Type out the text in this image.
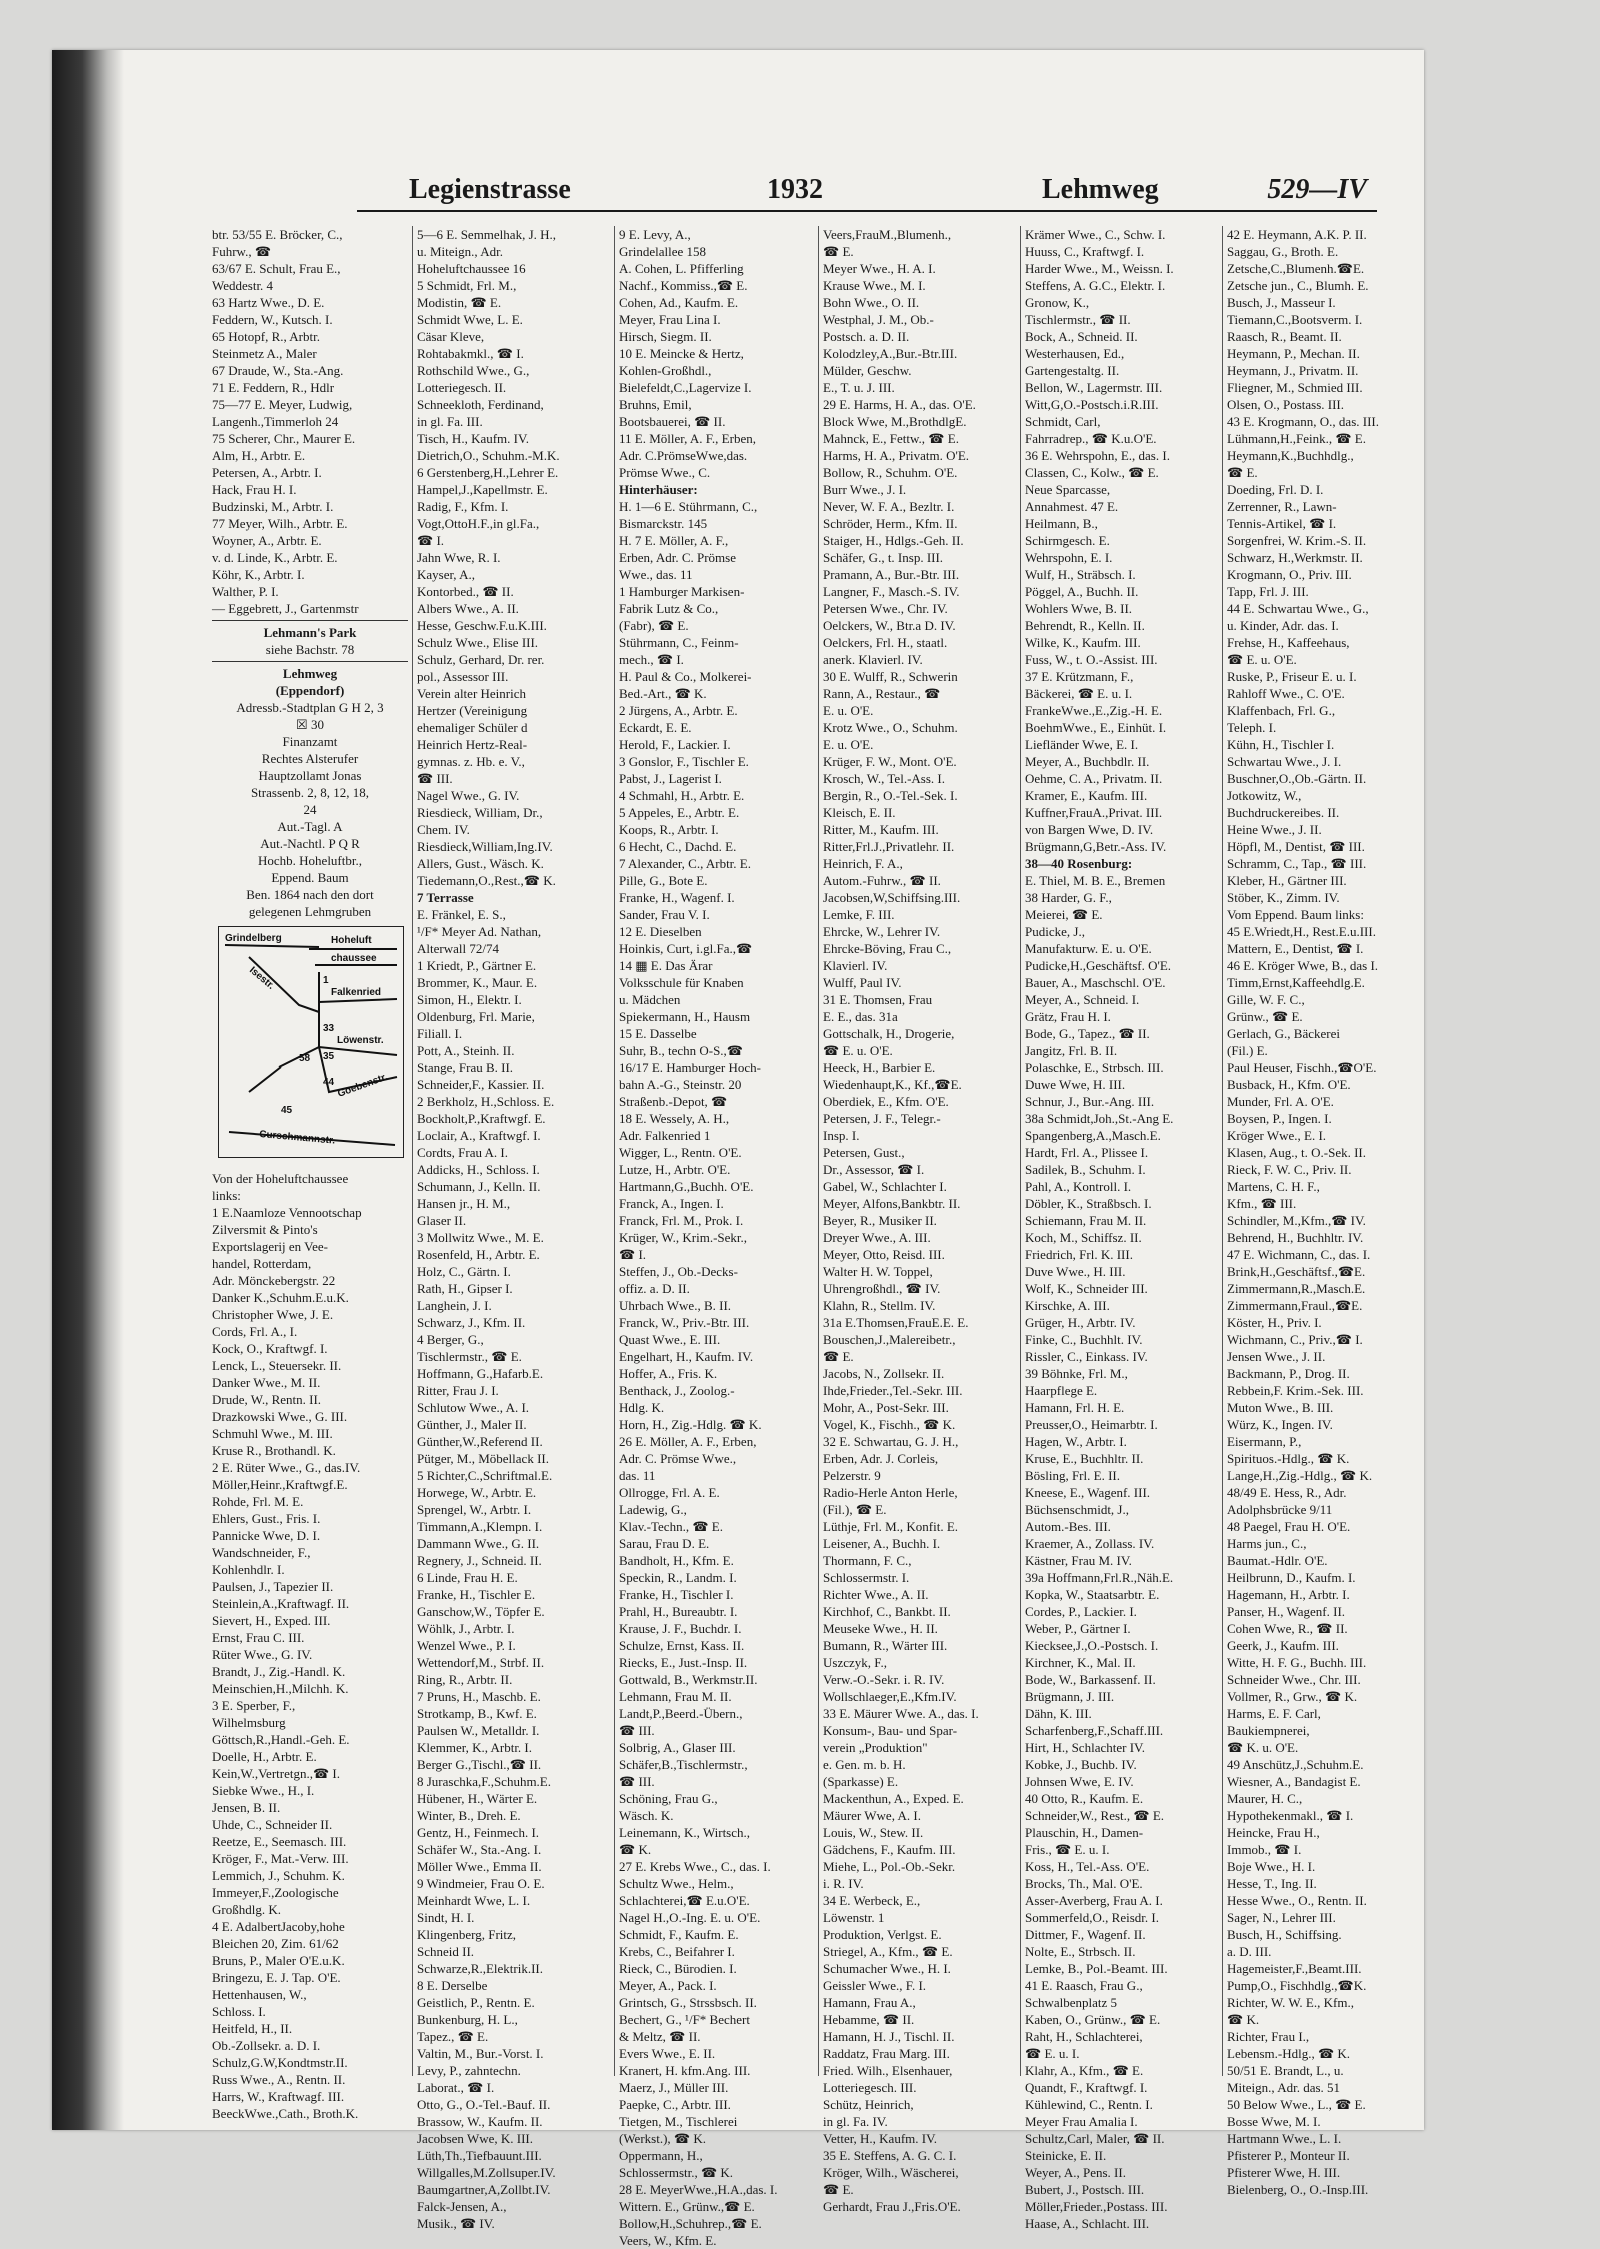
Legienstrasse	1932	Lehmweg	529—IV
btr. 53/55 E. Bröcker, C.,
Fuhrw., ☎
63/67 E. Schult, Frau E.,
Weddestr. 4
63 Hartz Wwe., D. E.
Feddern, W., Kutsch. I.
65 Hotopf, R., Arbtr.
Steinmetz A., Maler
67 Draude, W., Sta.-Ang.
71 E. Feddern, R., Hdlr
75—77 E. Meyer, Ludwig,
Langenh.,Timmerloh 24
75 Scherer, Chr., Maurer E.
Alm, H., Arbtr. E.
Petersen, A., Arbtr. I.
Hack, Frau H. I.
Budzinski, M., Arbtr. I.
77 Meyer, Wilh., Arbtr. E.
Woyner, A., Arbtr. E.
v. d. Linde, K., Arbtr. E.
Köhr, K., Arbtr. I.
Walther, P. I.
— Eggebrett, J., Gartenmstr
Lehmann's Park
siehe Bachstr. 78
Lehmweg
(Eppendorf)
Adressb.-Stadtplan G H 2, 3
☒ 30
Finanzamt
Rechtes Alsterufer
Hauptzollamt Jonas
Strassenb. 2, 8, 12, 18,
24
Aut.-Tagl. A
Aut.-Nachtl. P Q R
Hochb. Hoheluftbr.,
Eppend. Baum
Ben. 1864 nach den dort
gelegenen Lehmgruben
Grindelberg	Hoheluft
chaussee
Falkenried
Isestr.
Löwenstr.
Goebenstr.
Curschmannstr.
33
35
58
44
45
1
Von der Hoheluftchaussee
links:
1 E.Naamloze Vennootschap
Zilversmit & Pinto's
Exportslagerij en Vee-
handel, Rotterdam,
Adr. Mönckebergstr. 22
Danker K.,Schuhm.E.u.K.
Christopher Wwe, J. E.
Cords, Frl. A., I.
Kock, O., Kraftwgf. I.
Lenck, L., Steuersekr. II.
Danker Wwe., M. II.
Drude, W., Rentn. II.
Drazkowski Wwe., G. III.
Schmuhl Wwe., M. III.
Kruse R., Brothandl. K.
2 E. Rüter Wwe., G., das.IV.
Möller,Heinr.,Kraftwgf.E.
Rohde, Frl. M. E.
Ehlers, Gust., Fris. I.
Pannicke Wwe, D. I.
Wandschneider, F.,
Kohlenhdlr. I.
Paulsen, J., Tapezier II.
Steinlein,A.,Kraftwagf. II.
Sievert, H., Exped. III.
Ernst, Frau C. III.
Rüter Wwe., G. IV.
Brandt, J., Zig.-Handl. K.
Meinschien,H.,Milchh. K.
3 E. Sperber, F.,
Wilhelmsburg
Göttsch,R.,Handl.-Geh. E.
Doelle, H., Arbtr. E.
Kein,W.,Vertretgn.,☎ I.
Siebke Wwe., H., I.
Jensen, B. II.
Uhde, C., Schneider II.
Reetze, E., Seemasch. III.
Kröger, F., Mat.-Verw. III.
Lemmich, J., Schuhm. K.
Immeyer,F.,Zoologische
Großhdlg. K.
4 E. AdalbertJacoby,hohe
Bleichen 20, Zim. 61/62
Bruns, P., Maler O'E.u.K.
Bringezu, E. J. Tap. O'E.
Hettenhausen, W.,
Schloss. I.
Heitfeld, H., II.
Ob.-Zollsekr. a. D. I.
Schulz,G.W,Kondtmstr.II.
Russ Wwe., A., Rentn. II.
Harrs, W., Kraftwagf. III.
BeeckWwe.,Cath., Broth.K.
5—6 E. Semmelhak, J. H.,
u. Miteign., Adr.
Hoheluftchaussee 16
5 Schmidt, Frl. M.,
Modistin, ☎ E.
Schmidt Wwe, L. E.
Cäsar Kleve,
Rohtabakmkl., ☎ I.
Rothschild Wwe., G.,
Lotteriegesch. II.
Schneekloth, Ferdinand,
in gl. Fa. III.
Tisch, H., Kaufm. IV.
Dietrich,O., Schuhm.-M.K.
6 Gerstenberg,H.,Lehrer E.
Hampel,J.,Kapellmstr. E.
Radig, F., Kfm. I.
Vogt,OttoH.F.,in gl.Fa.,
☎ I.
Jahn Wwe, R. I.
Kayser, A.,
Kontorbed., ☎ II.
Albers Wwe., A. II.
Hesse, Geschw.F.u.K.III.
Schulz Wwe., Elise III.
Schulz, Gerhard, Dr. rer.
pol., Assessor III.
Verein alter Heinrich
Hertzer (Vereinigung
ehemaliger Schüler d
Heinrich Hertz-Real-
gymnas. z. Hb. e. V.,
☎ III.
Nagel Wwe., G. IV.
Riesdieck, William, Dr.,
Chem. IV.
Riesdieck,William,Ing.IV.
Allers, Gust., Wäsch. K.
Tiedemann,O.,Rest.,☎ K.
7 Terrasse
E. Fränkel, E. S.,
¹/F* Meyer Ad. Nathan,
Alterwall 72/74
1 Kriedt, P., Gärtner E.
Brommer, K., Maur. E.
Simon, H., Elektr. I.
Oldenburg, Frl. Marie,
Filiall. I.
Pott, A., Steinh. II.
Stange, Frau B. II.
Schneider,F., Kassier. II.
2 Berkholz, H.,Schloss. E.
Bockholt,P.,Kraftwgf. E.
Loclair, A., Kraftwgf. I.
Cordts, Frau A. I.
Addicks, H., Schloss. I.
Schumann, J., Kelln. II.
Hansen jr., H. M.,
Glaser II.
3 Mollwitz Wwe., M. E.
Rosenfeld, H., Arbtr. E.
Holz, C., Gärtn. I.
Rath, H., Gipser I.
Langhein, J. I.
Schwarz, J., Kfm. II.
4 Berger, G.,
Tischlermstr., ☎ E.
Hoffmann, G.,Hafarb.E.
Ritter, Frau J. I.
Schlutow Wwe., A. I.
Günther, J., Maler II.
Günther,W.,Referend II.
Pütger, M., Möbellack II.
5 Richter,C.,Schriftmal.E.
Horwege, W., Arbtr. E.
Sprengel, W., Arbtr. I.
Timmann,A.,Klempn. I.
Dammann Wwe., G. II.
Regnery, J., Schneid. II.
6 Linde, Frau H. E.
Franke, H., Tischler E.
Ganschow,W., Töpfer E.
Wöhlk, J., Arbtr. I.
Wenzel Wwe., P. I.
Wettendorf,M., Strbf. II.
Ring, R., Arbtr. II.
7 Pruns, H., Maschb. E.
Strotkamp, B., Kwf. E.
Paulsen W., Metalldr. I.
Klemmer, K., Arbtr. I.
Berger G.,Tischl.,☎ II.
8 Juraschka,F.,Schuhm.E.
Hübener, H., Wärter E.
Winter, B., Dreh. E.
Gentz, H., Feinmech. I.
Schäfer W., Sta.-Ang. I.
Möller Wwe., Emma II.
9 Windmeier, Frau O. E.
Meinhardt Wwe, L. I.
Sindt, H. I.
Klingenberg, Fritz,
Schneid II.
Schwarze,R.,Elektrik.II.
8 E. Derselbe
Geistlich, P., Rentn. E.
Bunkenburg, H. L.,
Tapez., ☎ E.
Valtin, M., Bur.-Vorst. I.
Levy, P., zahntechn.
Laborat., ☎ I.
Otto, G., O.-Tel.-Bauf. II.
Brassow, W., Kaufm. II.
Jacobsen Wwe, K. III.
Lüth,Th.,Tiefbauunt.III.
Willgalles,M.Zollsuper.IV.
Baumgartner,A,Zollbt.IV.
Falck-Jensen, A.,
Musik., ☎ IV.
9 E. Levy, A.,
Grindelallee 158
A. Cohen, L. Pfifferling
Nachf., Kommiss.,☎ E.
Cohen, Ad., Kaufm. E.
Meyer, Frau Lina I.
Hirsch, Siegm. II.
10 E. Meincke & Hertz,
Kohlen-Großhdl.,
Bielefeldt,C.,Lagervize I.
Bruhns, Emil,
Bootsbauerei, ☎ II.
11 E. Möller, A. F., Erben,
Adr. C.PrömseWwe,das.
Prömse Wwe., C.
Hinterhäuser:
H. 1—6 E. Stührmann, C.,
Bismarckstr. 145
H. 7 E. Möller, A. F.,
Erben, Adr. C. Prömse
Wwe., das. 11
1 Hamburger Markisen-
Fabrik Lutz & Co.,
(Fabr), ☎ E.
Stührmann, C., Feinm-
mech., ☎ I.
H. Paul & Co., Molkerei-
Bed.-Art., ☎ K.
2 Jürgens, A., Arbtr. E.
Eckardt, E. E.
Herold, F., Lackier. I.
3 Gonslor, F., Tischler E.
Pabst, J., Lagerist I.
4 Schmahl, H., Arbtr. E.
5 Appeles, E., Arbtr. E.
Koops, R., Arbtr. I.
6 Hecht, C., Dachd. E.
7 Alexander, C., Arbtr. E.
Pille, G., Bote E.
Franke, H., Wagenf. I.
Sander, Frau V. I.
12 E. Dieselben
Hoinkis, Curt, i.gl.Fa.,☎
14 ▦ E. Das Ärar
Volksschule für Knaben
u. Mädchen
Spiekermann, H., Hausm
15 E. Dasselbe
Suhr, B., techn O-S.,☎
16/17 E. Hamburger Hoch-
bahn A.-G., Steinstr. 20
Straßenb.-Depot, ☎
18 E. Wessely, A. H.,
Adr. Falkenried 1
Wigger, L., Rentn. O'E.
Lutze, H., Arbtr. O'E.
Hartmann,G.,Buchh. O'E.
Franck, A., Ingen. I.
Franck, Frl. M., Prok. I.
Krüger, W., Krim.-Sekr.,
☎ I.
Steffen, J., Ob.-Decks-
offiz. a. D. II.
Uhrbach Wwe., B. II.
Franck, W., Priv.-Btr. III.
Quast Wwe., E. III.
Engelhart, H., Kaufm. IV.
Hoffer, A., Fris. K.
Benthack, J., Zoolog.-
Hdlg. K.
Horn, H., Zig.-Hdlg. ☎ K.
26 E. Möller, A. F., Erben,
Adr. C. Prömse Wwe.,
das. 11
Ollrogge, Frl. A. E.
Ladewig, G.,
Klav.-Techn., ☎ E.
Sarau, Frau D. E.
Bandholt, H., Kfm. E.
Speckin, R., Landm. I.
Franke, H., Tischler I.
Prahl, H., Bureaubtr. I.
Krause, J. F., Buchdr. I.
Schulze, Ernst, Kass. II.
Riecks, E., Just.-Insp. II.
Gottwald, B., Werkmstr.II.
Lehmann, Frau M. II.
Landt,P.,Beerd.-Übern.,
☎ III.
Solbrig, A., Glaser III.
Schäfer,B.,Tischlermstr.,
☎ III.
Schöning, Frau G.,
Wäsch. K.
Leinemann, K., Wirtsch.,
☎ K.
27 E. Krebs Wwe., C., das. I.
Schultz Wwe., Helm.,
Schlachterei,☎ E.u.O'E.
Nagel H.,O.-Ing. E. u. O'E.
Schmidt, F., Kaufm. E.
Krebs, C., Beifahrer I.
Rieck, C., Bürodien. I.
Meyer, A., Pack. I.
Grintsch, G., Strssbsch. II.
Bechert, G., ¹/F* Bechert
& Meltz, ☎ II.
Evers Wwe., E. II.
Kranert, H. kfm.Ang. III.
Maerz, J., Müller III.
Paepke, C., Arbtr. III.
Tietgen, M., Tischlerei
(Werkst.), ☎ K.
Oppermann, H.,
Schlossermstr., ☎ K.
28 E. MeyerWwe.,H.A.,das. I.
Wittern. E., Grünw.,☎ E.
Bollow,H.,Schuhrep.,☎ E.
Veers, W., Kfm. E.
Veers,FrauM.,Blumenh.,
☎ E.
Meyer Wwe., H. A. I.
Krause Wwe., M. I.
Bohn Wwe., O. II.
Westphal, J. M., Ob.-
Postsch. a. D. II.
Kolodzley,A.,Bur.-Btr.III.
Mülder, Geschw.
E., T. u. J. III.
29 E. Harms, H. A., das. O'E.
Block Wwe, M.,BrothdlgE.
Mahnck, E., Fettw., ☎ E.
Harms, H. A., Privatm. O'E.
Bollow, R., Schuhm. O'E.
Burr Wwe., J. I.
Never, W. F. A., Bezltr. I.
Schröder, Herm., Kfm. II.
Staiger, H., Hdlgs.-Geh. II.
Schäfer, G., t. Insp. III.
Pramann, A., Bur.-Btr. III.
Langner, F., Masch.-S. IV.
Petersen Wwe., Chr. IV.
Oelckers, W., Btr.a D. IV.
Oelckers, Frl. H., staatl.
anerk. Klavierl. IV.
30 E. Wulff, R., Schwerin
Rann, A., Restaur., ☎
E. u. O'E.
Krotz Wwe., O., Schuhm.
E. u. O'E.
Krüger, F. W., Mont. O'E.
Krosch, W., Tel.-Ass. I.
Bergin, R., O.-Tel.-Sek. I.
Kleisch, E. II.
Ritter, M., Kaufm. III.
Ritter,Frl.J.,Privatlehr. II.
Heinrich, F. A.,
Autom.-Fuhrw., ☎ II.
Jacobsen,W,Schiffsing.III.
Lemke, F. III.
Ehrcke, W., Lehrer IV.
Ehrcke-Böving, Frau C.,
Klavierl. IV.
Wulff, Paul IV.
31 E. Thomsen, Frau
E. E., das. 31a
Gottschalk, H., Drogerie,
☎ E. u. O'E.
Heeck, H., Barbier E.
Wiedenhaupt,K., Kf.,☎E.
Oberdiek, E., Kfm. O'E.
Petersen, J. F., Telegr.-
Insp. I.
Petersen, Gust.,
Dr., Assessor, ☎ I.
Gabel, W., Schlachter I.
Meyer, Alfons,Bankbtr. II.
Beyer, R., Musiker II.
Dreyer Wwe., A. III.
Meyer, Otto, Reisd. III.
Walter H. W. Toppel,
Uhrengroßhdl., ☎ IV.
Klahn, R., Stellm. IV.
31a E.Thomsen,FrauE.E. E.
Bouschen,J.,Malereibetr.,
☎ E.
Jacobs, N., Zollsekr. II.
Ihde,Frieder.,Tel.-Sekr. III.
Mohr, A., Post-Sekr. III.
Vogel, K., Fischh., ☎ K.
32 E. Schwartau, G. J. H.,
Erben, Adr. J. Corleis,
Pelzerstr. 9
Radio-Herle Anton Herle,
(Fil.), ☎ E.
Lüthje, Frl. M., Konfit. E.
Leisener, A., Buchh. I.
Thormann, F. C.,
Schlossermstr. I.
Richter Wwe., A. II.
Kirchhof, C., Bankbt. II.
Meuseke Wwe., H. II.
Bumann, R., Wärter III.
Uszczyk, F.,
Verw.-O.-Sekr. i. R. IV.
Wollschlaeger,E.,Kfm.IV.
33 E. Mäurer Wwe. A., das. I.
Konsum-, Bau- und Spar-
verein „Produktion"
e. Gen. m. b. H.
(Sparkasse) E.
Mackenthun, A., Exped. E.
Mäurer Wwe, A. I.
Louis, W., Stew. II.
Gädchens, F., Kaufm. III.
Miehe, L., Pol.-Ob.-Sekr.
i. R. IV.
34 E. Werbeck, E.,
Löwenstr. 1
Produktion, Verlgst. E.
Striegel, A., Kfm., ☎ E.
Schumacher Wwe., H. I.
Geissler Wwe., F. I.
Hamann, Frau A.,
Hebamme, ☎ II.
Hamann, H. J., Tischl. II.
Raddatz, Frau Marg. III.
Fried. Wilh., Elsenhauer,
Lotteriegesch. III.
Schütz, Heinrich,
in gl. Fa. IV.
Vetter, H., Kaufm. IV.
35 E. Steffens, A. G. C. I.
Kröger, Wilh., Wäscherei,
☎ E.
Gerhardt, Frau J.,Fris.O'E.
Krämer Wwe., C., Schw. I.
Huuss, C., Kraftwgf. I.
Harder Wwe., M., Weissn. I.
Steffens, A. G.C., Elektr. I.
Gronow, K.,
Tischlermstr., ☎ II.
Bock, A., Schneid. II.
Westerhausen, Ed.,
Gartengestaltg. II.
Bellon, W., Lagermstr. III.
Witt,G,O.-Postsch.i.R.III.
Schmidt, Carl,
Fahrradrep., ☎ K.u.O'E.
36 E. Wehrspohn, E., das. I.
Classen, C., Kolw., ☎ E.
Neue Sparcasse,
Annahmest. 47 E.
Heilmann, B.,
Schirmgesch. E.
Wehrspohn, E. I.
Wulf, H., Sträbsch. I.
Pöggel, A., Buchh. II.
Wohlers Wwe, B. II.
Behrendt, R., Kelln. II.
Wilke, K., Kaufm. III.
Fuss, W., t. O.-Assist. III.
37 E. Krützmann, F.,
Bäckerei, ☎ E. u. I.
FrankeWwe.,E.,Zig.-H. E.
BoehmWwe., E., Einhüt. I.
Liefländer Wwe, E. I.
Meyer, A., Buchbdlr. II.
Oehme, C. A., Privatm. II.
Kramer, E., Kaufm. III.
Kuffner,FrauA.,Privat. III.
von Bargen Wwe, D. IV.
Brügmann,G,Betr.-Ass. IV.
38—40 Rosenburg:
E. Thiel, M. B. E., Bremen
38 Harder, G. F.,
Meierei, ☎ E.
Pudicke, J.,
Manufakturw. E. u. O'E.
Pudicke,H.,Geschäftsf. O'E.
Bauer, A., Maschschl. O'E.
Meyer, A., Schneid. I.
Grätz, Frau H. I.
Bode, G., Tapez., ☎ II.
Jangitz, Frl. B. II.
Polaschke, E., Strbsch. III.
Duwe Wwe, H. III.
Schnur, J., Bur.-Ang. III.
38a Schmidt,Joh.,St.-Ang E.
Spangenberg,A.,Masch.E.
Hardt, Frl. A., Plissee I.
Sadilek, B., Schuhm. I.
Pahl, A., Kontroll. I.
Döbler, K., Straßbsch. I.
Schiemann, Frau M. II.
Koch, M., Schiffsz. II.
Friedrich, Frl. K. III.
Duve Wwe., H. III.
Wolf, K., Schneider III.
Kirschke, A. III.
Grüger, H., Arbtr. IV.
Finke, C., Buchhlt. IV.
Rissler, C., Einkass. IV.
39 Böhnke, Frl. M.,
Haarpflege E.
Hamann, Frl. H. E.
Preusser,O., Heimarbtr. I.
Hagen, W., Arbtr. I.
Kruse, E., Buchhltr. II.
Bösling, Frl. E. II.
Kneese, E., Wagenf. III.
Büchsenschmidt, J.,
Autom.-Bes. III.
Kraemer, A., Zollass. IV.
Kästner, Frau M. IV.
39a Hoffmann,Frl.R.,Näh.E.
Kopka, W., Staatsarbtr. E.
Cordes, P., Lackier. I.
Weber, P., Gärtner I.
Kiecksee,J.,O.-Postsch. I.
Kirchner, K., Mal. II.
Bode, W., Barkassenf. II.
Brügmann, J. III.
Dähn, K. III.
Scharfenberg,F.,Schaff.III.
Hirt, H., Schlachter IV.
Kobke, J., Buchb. IV.
Johnsen Wwe, E. IV.
40 Otto, R., Kaufm. E.
Schneider,W., Rest., ☎ E.
Plauschin, H., Damen-
Fris., ☎ E. u. I.
Koss, H., Tel.-Ass. O'E.
Brocks, Th., Mal. O'E.
Asser-Averberg, Frau A. I.
Sommerfeld,O., Reisdr. I.
Dittmer, F., Wagenf. II.
Nolte, E., Strbsch. II.
Lemke, B., Pol.-Beamt. III.
41 E. Raasch, Frau G.,
Schwalbenplatz 5
Kaben, O., Grünw., ☎ E.
Raht, H., Schlachterei,
☎ E. u. I.
Klahr, A., Kfm., ☎ E.
Quandt, F., Kraftwgf. I.
Kühlewind, C., Rentn. I.
Meyer Frau Amalia I.
Schultz,Carl, Maler, ☎ II.
Steinicke, E. II.
Weyer, A., Pens. II.
Bubert, J., Postsch. III.
Möller,Frieder.,Postass. III.
Haase, A., Schlacht. III.
42 E. Heymann, A.K. P. II.
Saggau, G., Broth. E.
Zetsche,C.,Blumenh.☎E.
Zetsche jun., C., Blumh. E.
Busch, J., Masseur I.
Tiemann,C.,Bootsverm. I.
Raasch, R., Beamt. II.
Heymann, P., Mechan. II.
Heymann, J., Privatm. II.
Fliegner, M., Schmied III.
Olsen, O., Postass. III.
43 E. Krogmann, O., das. III.
Lühmann,H.,Feink., ☎ E.
Heymann,K.,Buchhdlg.,
☎ E.
Doeding, Frl. D. I.
Zerrenner, R., Lawn-
Tennis-Artikel, ☎ I.
Sorgenfrei, W. Krim.-S. II.
Schwarz, H.,Werkmstr. II.
Krogmann, O., Priv. III.
Tapp, Frl. J. III.
44 E. Schwartau Wwe., G.,
u. Kinder, Adr. das. I.
Frehse, H., Kaffeehaus,
☎ E. u. O'E.
Ruske, P., Friseur E. u. I.
Rahloff Wwe., C. O'E.
Klaffenbach, Frl. G.,
Teleph. I.
Kühn, H., Tischler I.
Schwartau Wwe., J. I.
Buschner,O.,Ob.-Gärtn. II.
Jotkowitz, W.,
Buchdruckereibes. II.
Heine Wwe., J. II.
Höpfl, M., Dentist, ☎ III.
Schramm, C., Tap., ☎ III.
Kleber, H., Gärtner III.
Stöber, K., Zimm. IV.
Vom Eppend. Baum links:
45 E.Wriedt,H., Rest.E.u.III.
Mattern, E., Dentist, ☎ I.
46 E. Kröger Wwe, B., das I.
Timm,Ernst,Kaffeehdlg.E.
Gille, W. F. C.,
Grünw., ☎ E.
Gerlach, G., Bäckerei
(Fil.) E.
Paul Heuser, Fischh.,☎O'E.
Busback, H., Kfm. O'E.
Munder, Frl. A. O'E.
Boysen, P., Ingen. I.
Kröger Wwe., E. I.
Klasen, Aug., t. O.-Sek. II.
Rieck, F. W. C., Priv. II.
Martens, C. H. F.,
Kfm., ☎ III.
Schindler, M.,Kfm.,☎ IV.
Behrend, H., Buchhltr. IV.
47 E. Wichmann, C., das. I.
Brink,H.,Geschäftsf.,☎E.
Zimmermann,R.,Masch.E.
Zimmermann,Fraul.,☎E.
Köster, H., Priv. I.
Wichmann, C., Priv.,☎ I.
Jensen Wwe., J. II.
Backmann, P., Drog. II.
Rebbein,F. Krim.-Sek. III.
Muton Wwe., B. III.
Würz, K., Ingen. IV.
Eisermann, P.,
Spirituos.-Hdlg., ☎ K.
Lange,H.,Zig.-Hdlg., ☎ K.
48/49 E. Hess, R., Adr.
Adolphsbrücke 9/11
48 Paegel, Frau H. O'E.
Harms jun., C.,
Baumat.-Hdlr. O'E.
Heilbrunn, D., Kaufm. I.
Hagemann, H., Arbtr. I.
Panser, H., Wagenf. II.
Cohen Wwe, R., ☎ II.
Geerk, J., Kaufm. III.
Witte, H. F. G., Buchh. III.
Schneider Wwe., Chr. III.
Vollmer, R., Grw., ☎ K.
Harms, E. F. Carl,
Baukiempnerei,
☎ K. u. O'E.
49 Anschütz,J.,Schuhm.E.
Wiesner, A., Bandagist E.
Maurer, H. C.,
Hypothekenmakl., ☎ I.
Heincke, Frau H.,
Immob., ☎ I.
Boje Wwe., H. I.
Hesse, T., Ing. II.
Hesse Wwe., O., Rentn. II.
Sager, N., Lehrer III.
Busch, H., Schiffsing.
a. D. III.
Hagemeister,F.,Beamt.III.
Pump,O., Fischhdlg.,☎K.
Richter, W. W. E., Kfm.,
☎ K.
Richter, Frau I.,
Lebensm.-Hdlg., ☎ K.
50/51 E. Brandt, L., u.
Miteign., Adr. das. 51
50 Below Wwe., L., ☎ E.
Bosse Wwe, M. I.
Hartmann Wwe., L. I.
Pfisterer P., Monteur II.
Pfisterer Wwe, H. III.
Bielenberg, O., O.-Insp.III.
